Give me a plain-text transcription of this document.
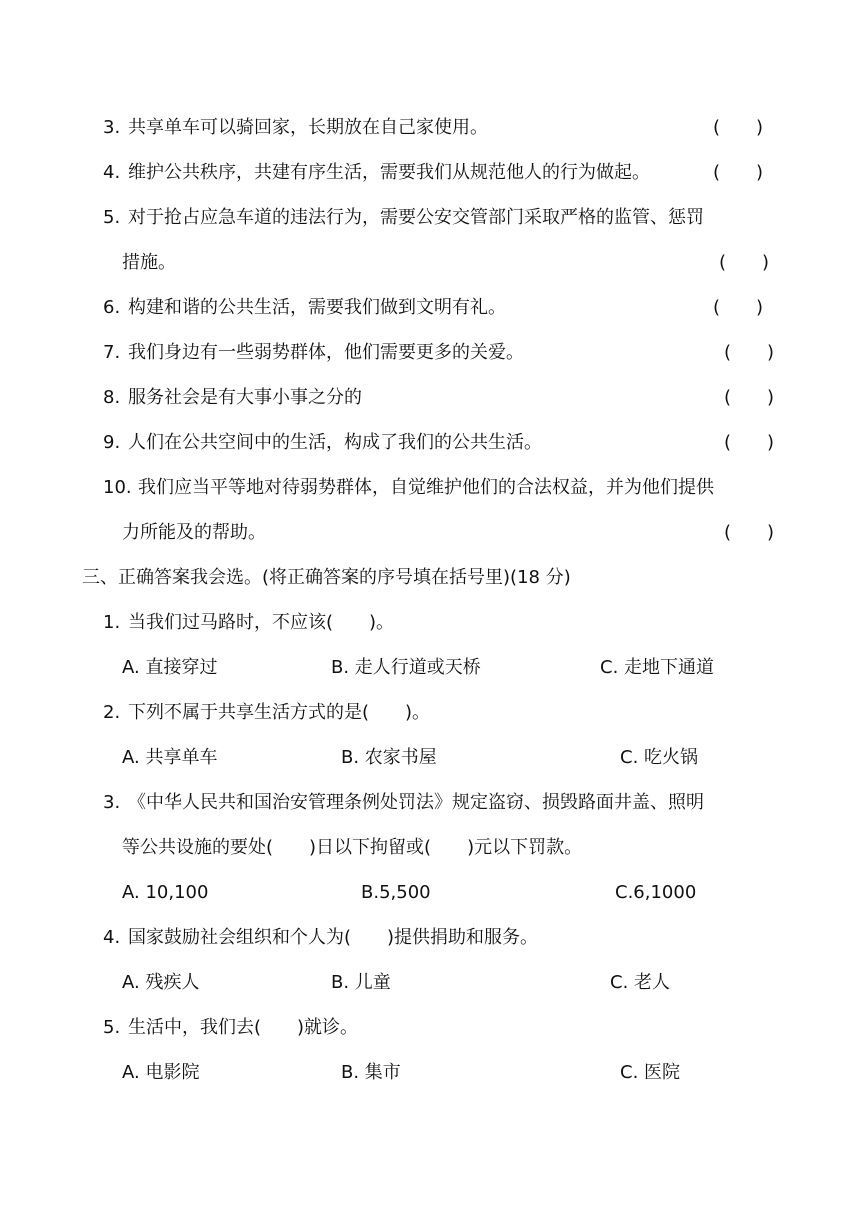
3. 共享单车可以骑回家，长期放在自己家使用。	(　　)
4. 维护公共秩序，共建有序生活，需要我们从规范他人的行为做起。	(　　)
5. 对于抢占应急车道的违法行为，需要公安交管部门采取严格的监管、惩罚
措施。	(　　)
6. 构建和谐的公共生活，需要我们做到文明有礼。	(　　)
7. 我们身边有一些弱势群体，他们需要更多的关爱。	(　　)
8. 服务社会是有大事小事之分的	(　　)
9. 人们在公共空间中的生活，构成了我们的公共生活。	(　　)
10. 我们应当平等地对待弱势群体，自觉维护他们的合法权益，并为他们提供
力所能及的帮助。	(　　)
三、正确答案我会选。(将正确答案的序号填在括号里)(18 分)
1. 当我们过马路时，不应该(　　)。
A. 直接穿过	B. 走人行道或天桥	C. 走地下通道
2. 下列不属于共享生活方式的是(　　)。
A. 共享单车	B. 农家书屋	C. 吃火锅
3. 《中华人民共和国治安管理条例处罚法》规定盗窃、损毁路面井盖、照明
等公共设施的要处(　　)日以下拘留或(　　)元以下罚款。
A. 10,100	B.5,500	C.6,1000
4. 国家鼓励社会组织和个人为(　　)提供捐助和服务。
A. 残疾人	B. 儿童	C. 老人
5. 生活中，我们去(　　)就诊。
A. 电影院	B. 集市	C. 医院
